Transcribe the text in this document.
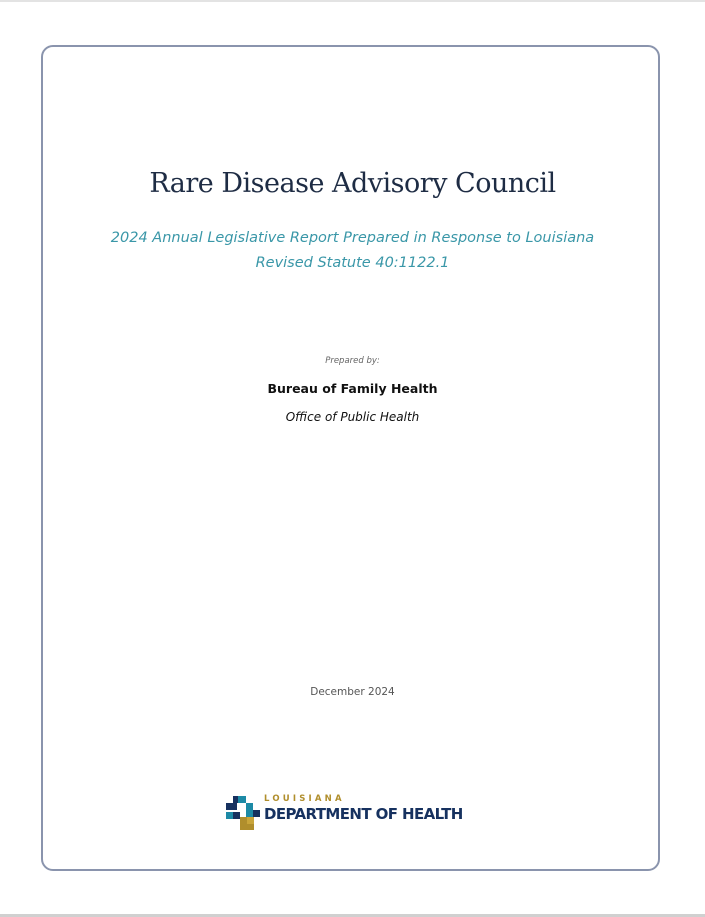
Rare Disease Advisory Council
2024 Annual Legislative Report Prepared in Response to Louisiana
Revised Statute 40:1122.1
Prepared by:
Bureau of Family Health
Office of Public Health
December 2024
LOUISIANA
DEPARTMENT OF HEALTH
